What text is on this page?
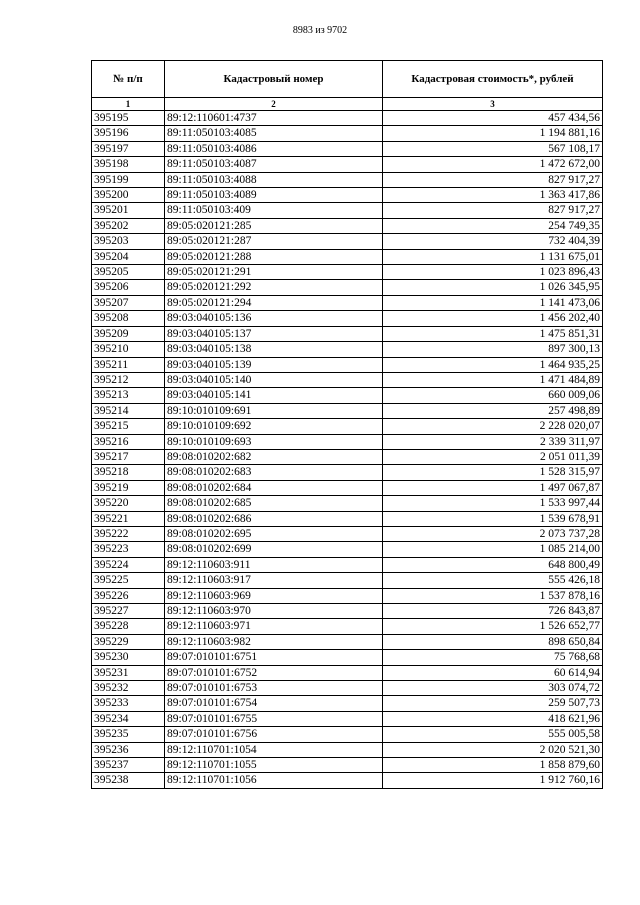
8983 из 9702
№ п/п	Кадастровый номер	Кадастровая стоимость*, рублей
1	2	3
395195	89:12:110601:4737	457 434,56
395196	89:11:050103:4085	1 194 881,16
395197	89:11:050103:4086	567 108,17
395198	89:11:050103:4087	1 472 672,00
395199	89:11:050103:4088	827 917,27
395200	89:11:050103:4089	1 363 417,86
395201	89:11:050103:409	827 917,27
395202	89:05:020121:285	254 749,35
395203	89:05:020121:287	732 404,39
395204	89:05:020121:288	1 131 675,01
395205	89:05:020121:291	1 023 896,43
395206	89:05:020121:292	1 026 345,95
395207	89:05:020121:294	1 141 473,06
395208	89:03:040105:136	1 456 202,40
395209	89:03:040105:137	1 475 851,31
395210	89:03:040105:138	897 300,13
395211	89:03:040105:139	1 464 935,25
395212	89:03:040105:140	1 471 484,89
395213	89:03:040105:141	660 009,06
395214	89:10:010109:691	257 498,89
395215	89:10:010109:692	2 228 020,07
395216	89:10:010109:693	2 339 311,97
395217	89:08:010202:682	2 051 011,39
395218	89:08:010202:683	1 528 315,97
395219	89:08:010202:684	1 497 067,87
395220	89:08:010202:685	1 533 997,44
395221	89:08:010202:686	1 539 678,91
395222	89:08:010202:695	2 073 737,28
395223	89:08:010202:699	1 085 214,00
395224	89:12:110603:911	648 800,49
395225	89:12:110603:917	555 426,18
395226	89:12:110603:969	1 537 878,16
395227	89:12:110603:970	726 843,87
395228	89:12:110603:971	1 526 652,77
395229	89:12:110603:982	898 650,84
395230	89:07:010101:6751	75 768,68
395231	89:07:010101:6752	60 614,94
395232	89:07:010101:6753	303 074,72
395233	89:07:010101:6754	259 507,73
395234	89:07:010101:6755	418 621,96
395235	89:07:010101:6756	555 005,58
395236	89:12:110701:1054	2 020 521,30
395237	89:12:110701:1055	1 858 879,60
395238	89:12:110701:1056	1 912 760,16
